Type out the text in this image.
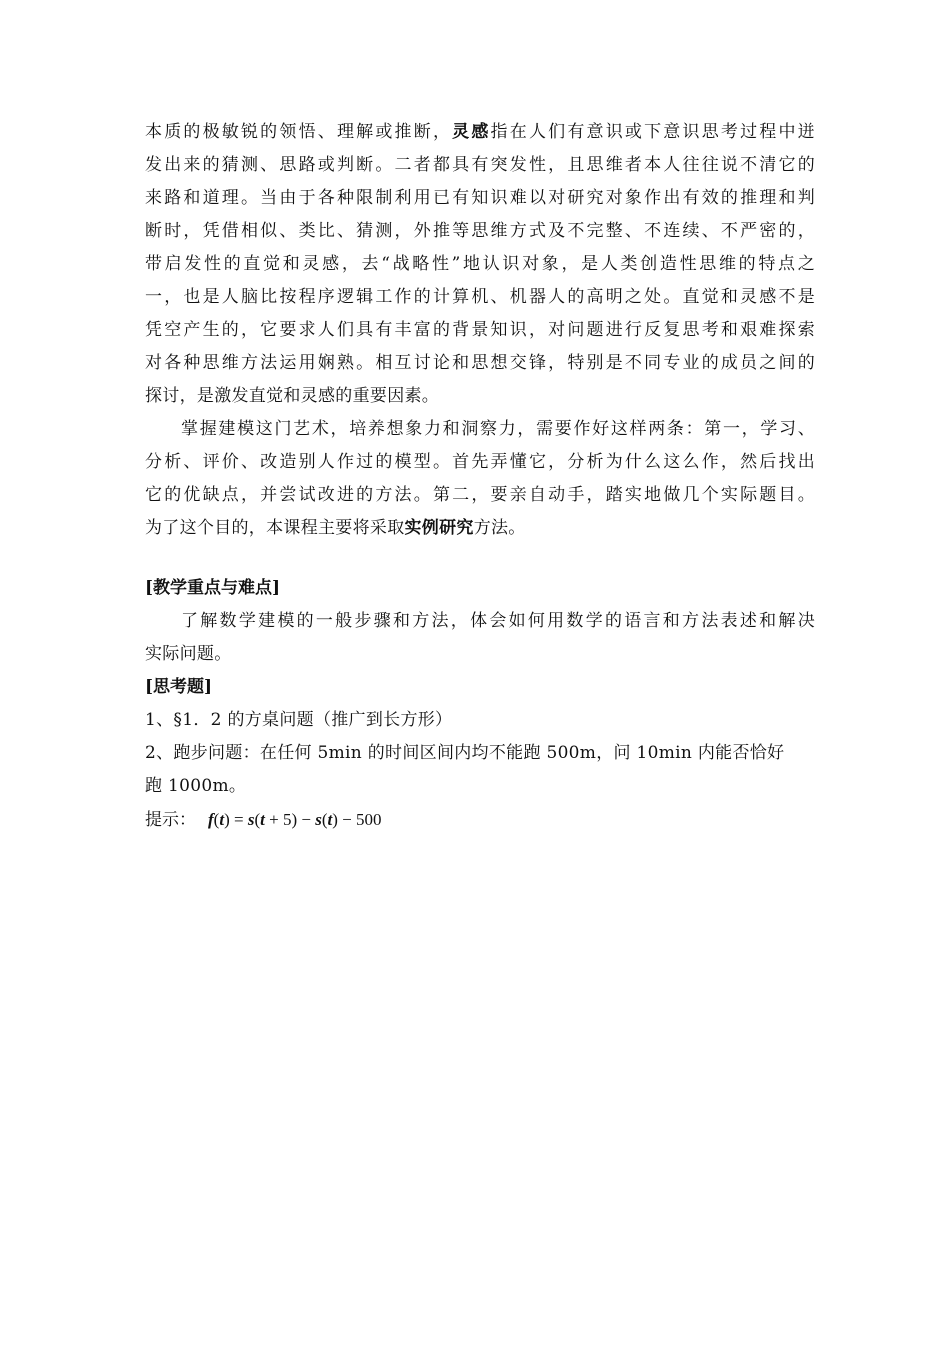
本质的极敏锐的领悟、理解或推断，灵感指在人们有意识或下意识思考过程中迸
发出来的猜测、思路或判断。二者都具有突发性，且思维者本人往往说不清它的
来路和道理。当由于各种限制利用已有知识难以对研究对象作出有效的推理和判
断时，凭借相似、类比、猜测，外推等思维方式及不完整、不连续、不严密的，
带启发性的直觉和灵感，去“战略性”地认识对象，是人类创造性思维的特点之
一，也是人脑比按程序逻辑工作的计算机、机器人的高明之处。直觉和灵感不是
凭空产生的，它要求人们具有丰富的背景知识，对问题进行反复思考和艰难探索
对各种思维方法运用娴熟。相互讨论和思想交锋，特别是不同专业的成员之间的
探讨，是激发直觉和灵感的重要因素。
掌握建模这门艺术，培养想象力和洞察力，需要作好这样两条：第一，学习、
分析、评价、改造别人作过的模型。首先弄懂它，分析为什么这么作，然后找出
它的优缺点，并尝试改进的方法。第二，要亲自动手，踏实地做几个实际题目。
为了这个目的，本课程主要将采取实例研究方法。
[教学重点与难点]
了解数学建模的一般步骤和方法，体会如何用数学的语言和方法表述和解决
实际问题。
[思考题]
1、§1．2 的方桌问题（推广到长方形）
2、跑步问题：在任何 5min 的时间区间内均不能跑 500m，问 10min 内能否恰好
跑 1000m。
提示： f(t) = s(t + 5) − s(t) − 500
